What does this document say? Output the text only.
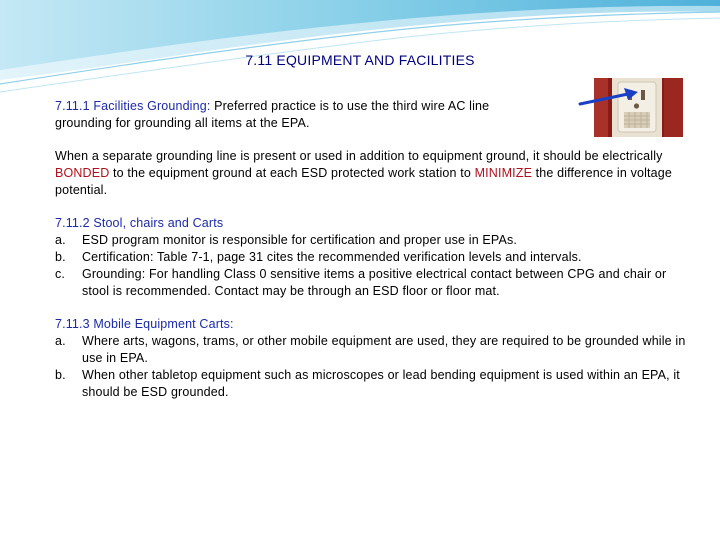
7.11 EQUIPMENT AND FACILITIES

7.11.1 Facilities Grounding: Preferred practice is to use the third wire AC line

grounding for grounding all items at the EPA.

When a separate grounding line is present or used in addition to equipment ground, it should be electrically BONDED to the equipment ground at each ESD protected work station to MINIMIZE the difference in voltage potential.

7.11.2 Stool, chairs and Carts

a.	ESD program monitor is responsible for certification and proper use in EPAs.
b.	Certification: Table 7-1, page 31 cites the recommended verification levels and intervals.
c.	Grounding: For handling Class 0 sensitive items a positive electrical contact between CPG and chair or stool is recommended. Contact may be through an ESD floor or floor mat.

7.11.3 Mobile Equipment Carts:

a.	Where arts, wagons, trams, or other mobile equipment are used, they are required to be grounded while in use in EPA.
b.	When other tabletop equipment such as microscopes or lead bending equipment is used within an EPA, it should be ESD grounded.
